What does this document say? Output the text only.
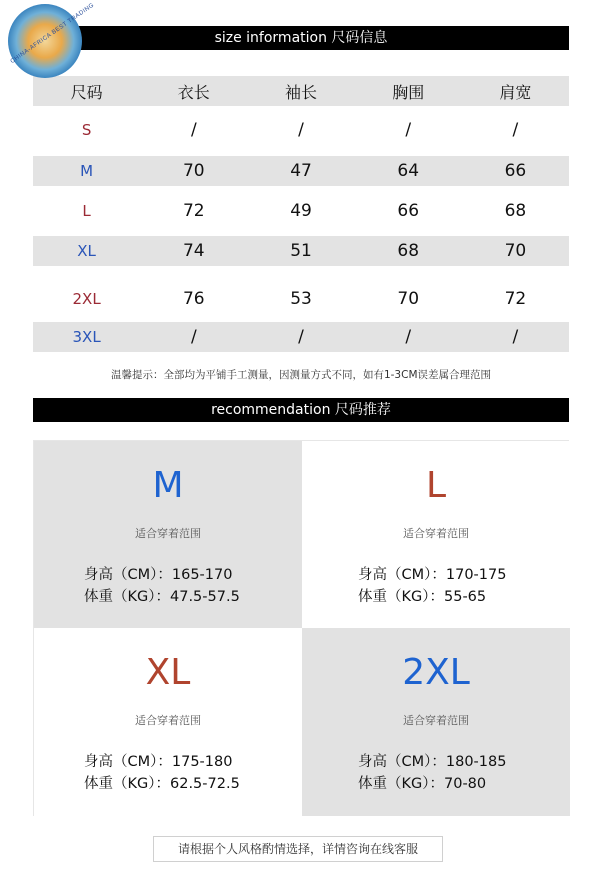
CHINA-AFRICA BEST TRADING	size information 尺码信息
尺码	衣长	袖长	胸围	肩宽
S	/	/	/	/
M	70	47	64	66
L	72	49	66	68
XL	74	51	68	70
2XL	76	53	70	72
3XL	/	/	/	/
温馨提示：全部均为平铺手工测量，因测量方式不同，如有1-3CM误差属合理范围
recommendation 尺码推荐
M
适合穿着范围
身高（CM）：165-170
体重（KG）：47.5-57.5
L
适合穿着范围
身高（CM）：170-175
体重（KG）：55-65
XL
适合穿着范围
身高（CM）：175-180
体重（KG）：62.5-72.5
2XL
适合穿着范围
身高（CM）：180-185
体重（KG）：70-80
请根据个人风格酌情选择，详情咨询在线客服
